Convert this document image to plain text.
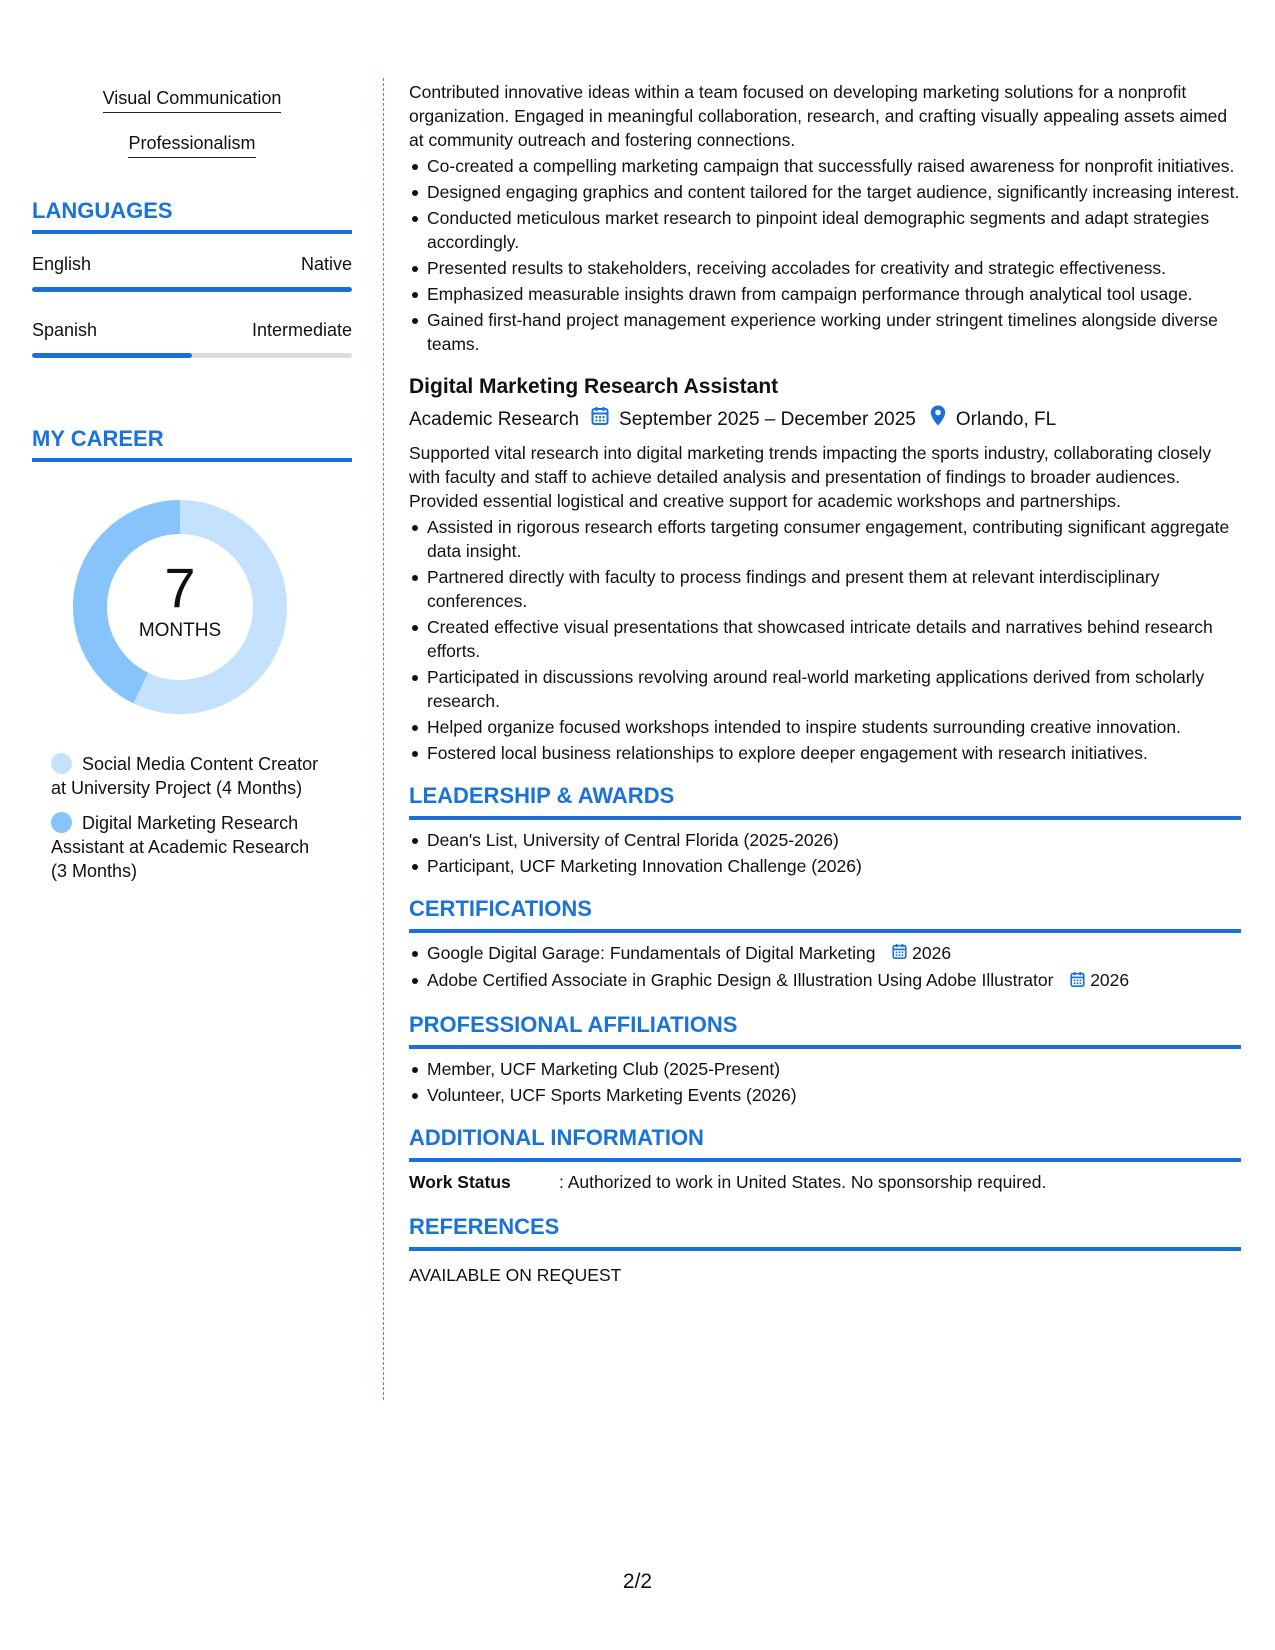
Visual Communication
Professionalism
LANGUAGES
English	Native
Spanish	Intermediate
MY CAREER
7
MONTHS
Social Media Content Creator at University Project (4 Months)
Digital Marketing Research Assistant at Academic Research (3 Months)

Contributed innovative ideas within a team focused on developing marketing solutions for a nonprofit organization. Engaged in meaningful collaboration, research, and crafting visually appealing assets aimed at community outreach and fostering connections.

Co-created a compelling marketing campaign that successfully raised awareness for nonprofit initiatives.
Designed engaging graphics and content tailored for the target audience, significantly increasing interest.
Conducted meticulous market research to pinpoint ideal demographic segments and adapt strategies accordingly.
Presented results to stakeholders, receiving accolades for creativity and strategic effectiveness.
Emphasized measurable insights drawn from campaign performance through analytical tool usage.
Gained first-hand project management experience working under stringent timelines alongside diverse teams.
Digital Marketing Research Assistant
Academic Research September 2025 – December 2025 Orlando, FL

Supported vital research into digital marketing trends impacting the sports industry, collaborating closely with faculty and staff to achieve detailed analysis and presentation of findings to broader audiences. Provided essential logistical and creative support for academic workshops and partnerships.

Assisted in rigorous research efforts targeting consumer engagement, contributing significant aggregate data insight.
Partnered directly with faculty to process findings and present them at relevant interdisciplinary conferences.
Created effective visual presentations that showcased intricate details and narratives behind research efforts.
Participated in discussions revolving around real-world marketing applications derived from scholarly research.
Helped organize focused workshops intended to inspire students surrounding creative innovation.
Fostered local business relationships to explore deeper engagement with research initiatives.
LEADERSHIP & AWARDS
Dean's List, University of Central Florida (2025-2026)
Participant, UCF Marketing Innovation Challenge (2026)
CERTIFICATIONS
Google Digital Garage: Fundamentals of Digital Marketing 2026
Adobe Certified Associate in Graphic Design & Illustration Using Adobe Illustrator 2026
PROFESSIONAL AFFILIATIONS
Member, UCF Marketing Club (2025-Present)
Volunteer, UCF Sports Marketing Events (2026)
ADDITIONAL INFORMATION
Work Status	: Authorized to work in United States. No sponsorship required.
REFERENCES
AVAILABLE ON REQUEST
2/2
